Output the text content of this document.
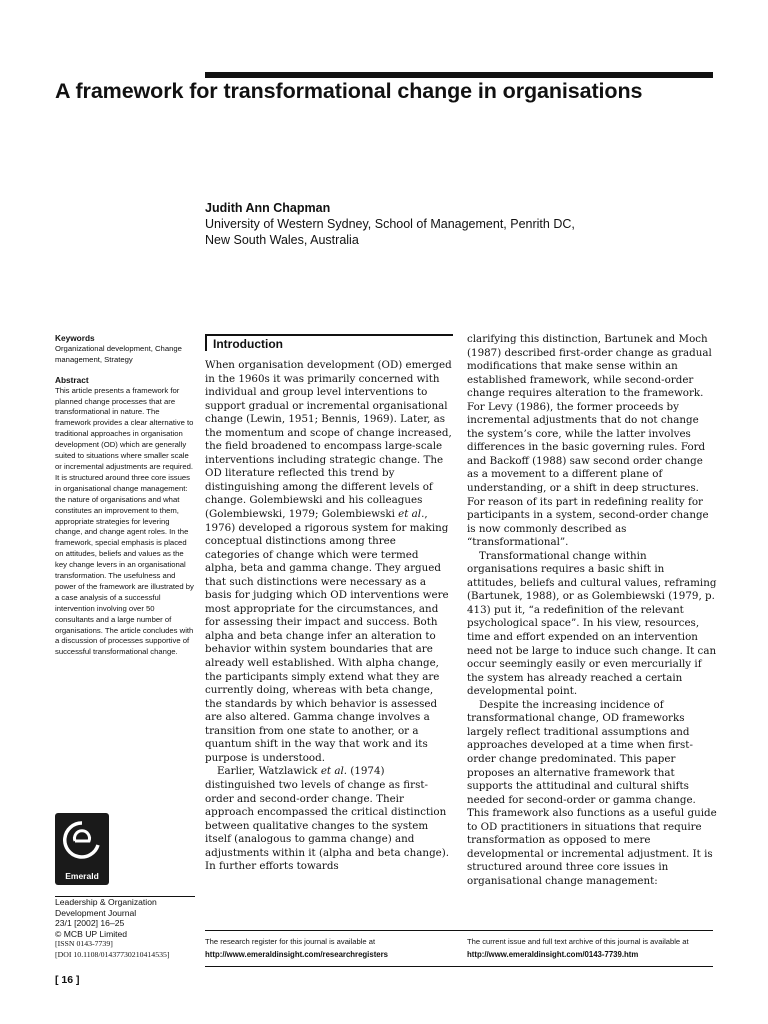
A framework for transformational change in organisations
Judith Ann Chapman
University of Western Sydney, School of Management, Penrith DC,
New South Wales, Australia
Keywords
Organizational development, Change management, Strategy
Abstract
This article presents a framework for planned change processes that are transformational in nature. The framework provides a clear alternative to traditional approaches in organisation development (OD) which are generally suited to situations where smaller scale or incremental adjustments are required. It is structured around three core issues in organisational change management: the nature of organisations and what constitutes an improvement to them, appropriate strategies for levering change, and change agent roles. In the framework, special emphasis is placed on attitudes, beliefs and values as the key change levers in an organisational transformation. The usefulness and power of the framework are illustrated by a case analysis of a successful intervention involving over 50 consultants and a large number of organisations. The article concludes with a discussion of processes supportive of successful transformational change.
Emerald
Leadership & Organization
Development Journal
23/1 [2002] 16–25
© MCB UP Limited
[ISSN 0143-7739]
[DOI 10.1108/01437730210414535]
[ 16 ]
Introduction

When organisation development (OD) emerged in the 1960s it was primarily concerned with individual and group level interventions to support gradual or incremental organisational change (Lewin, 1951; Bennis, 1969). Later, as the momentum and scope of change increased, the field broadened to encompass large-scale interventions including strategic change. The OD literature reflected this trend by distinguishing among the different levels of change. Golembiewski and his colleagues (Golembiewski, 1979; Golembiewski et al., 1976) developed a rigorous system for making conceptual distinctions among three categories of change which were termed alpha, beta and gamma change. They argued that such distinctions were necessary as a basis for judging which OD interventions were most appropriate for the circumstances, and for assessing their impact and success. Both alpha and beta change infer an alteration to behavior within system boundaries that are already well established. With alpha change, the participants simply extend what they are currently doing, whereas with beta change, the standards by which behavior is assessed are also altered. Gamma change involves a transition from one state to another, or a quantum shift in the way that work and its purpose is understood.

Earlier, Watzlawick et al. (1974) distinguished two levels of change as first-order and second-order change. Their approach encompassed the critical distinction between qualitative changes to the system itself (analogous to gamma change) and adjustments within it (alpha and beta change). In further efforts towards

clarifying this distinction, Bartunek and Moch (1987) described first-order change as gradual modifications that make sense within an established framework, while second-order change requires alteration to the framework. For Levy (1986), the former proceeds by incremental adjustments that do not change the system’s core, while the latter involves differences in the basic governing rules. Ford and Backoff (1988) saw second order change as a movement to a different plane of understanding, or a shift in deep structures. For reason of its part in redefining reality for participants in a system, second-order change is now commonly described as “transformational”.

Transformational change within organisations requires a basic shift in attitudes, beliefs and cultural values, reframing (Bartunek, 1988), or as Golembiewski (1979, p. 413) put it, “a redefinition of the relevant psychological space”. In his view, resources, time and effort expended on an intervention need not be large to induce such change. It can occur seemingly easily or even mercurially if the system has already reached a certain developmental point.

Despite the increasing incidence of transformational change, OD frameworks largely reflect traditional assumptions and approaches developed at a time when first-order change predominated. This paper proposes an alternative framework that supports the attitudinal and cultural shifts needed for second-order or gamma change. This framework also functions as a useful guide to OD practitioners in situations that require transformation as opposed to mere developmental or incremental adjustment. It is structured around three core issues in organisational change management:

The research register for this journal is available at
http://www.emeraldinsight.com/researchregisters
The current issue and full text archive of this journal is available at
http://www.emeraldinsight.com/0143-7739.htm
